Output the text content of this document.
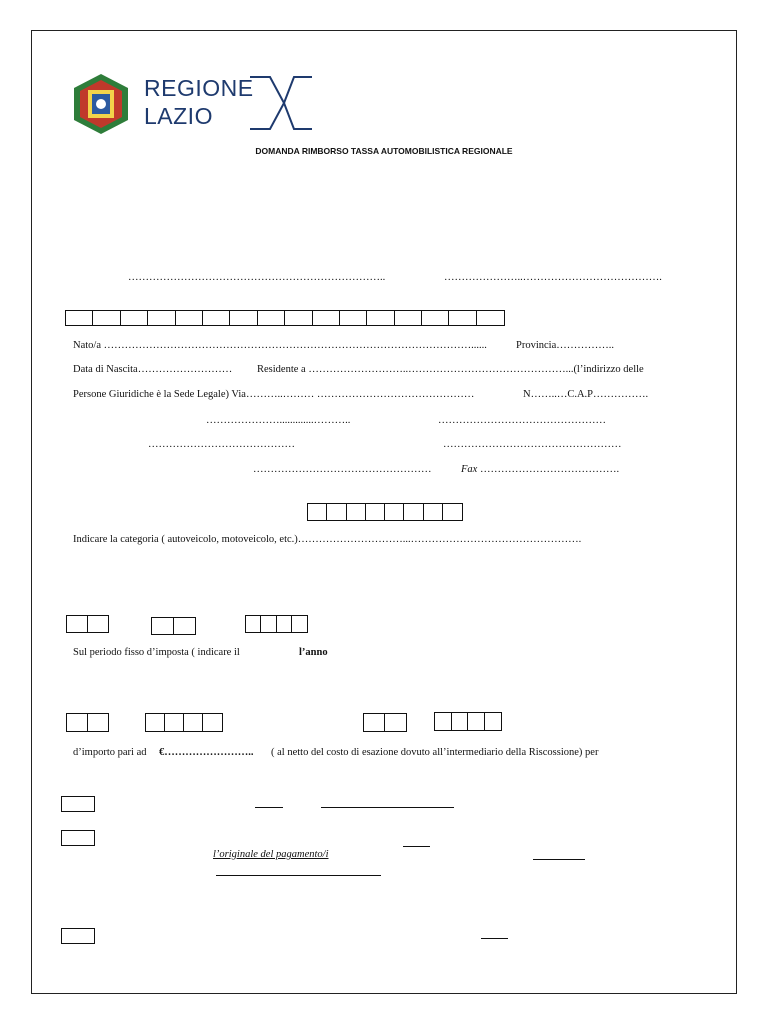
REGIONE
LAZIO
DOMANDA RIMBORSO TASSA AUTOMOBILISTICA REGIONALE
………………………………………………………………..	…………………..………………………………….
Nato/a ……………………………………………………………………………………………......	Provincia……………..
Data di Nascita……………………… Residente a ………………………..………………………………………...(l’indirizzo delle
Persone Giuridiche è la Sede Legale) Via………..……… ………………………………………	N……..…C.A.P…………….
………………….............………..	…………………………………………
……………………………………	……………………………………………
……………………………………………	Fax ………………………………….
Indicare la categoria ( autoveicolo, motoveicolo, etc.)…………………………...………………………………………….
Sul periodo fisso d’imposta ( indicare il	l’anno
d’importo pari ad €…………………….. ( al netto del costo di esazione dovuto all’intermediario della Riscossione) per
l’originale del pagamento/i
